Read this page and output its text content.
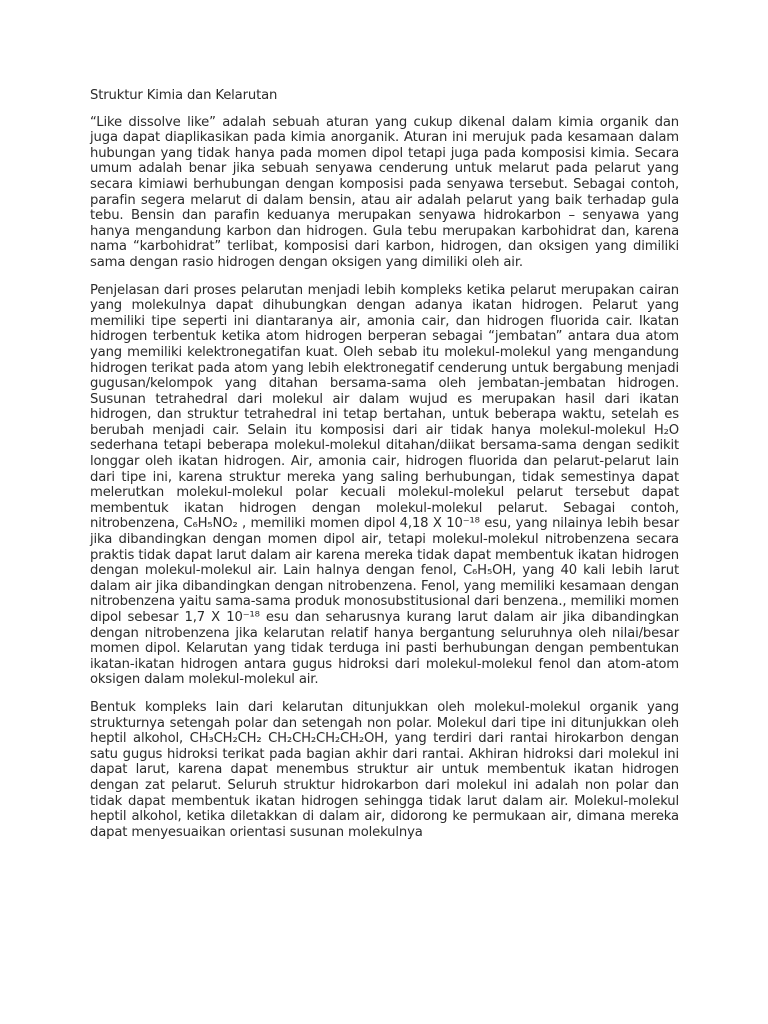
Struktur Kimia dan Kelarutan

“Like dissolve like” adalah sebuah aturan yang cukup dikenal dalam kimia organik dan juga dapat diaplikasikan pada kimia anorganik. Aturan ini merujuk pada kesamaan dalam hubungan yang tidak hanya pada momen dipol tetapi juga pada komposisi kimia. Secara umum adalah benar jika sebuah senyawa cenderung untuk melarut pada pelarut yang secara kimiawi berhubungan dengan komposisi pada senyawa tersebut. Sebagai contoh, parafin segera melarut di dalam bensin, atau air adalah pelarut yang baik terhadap gula tebu. Bensin dan parafin keduanya merupakan senyawa hidrokarbon – senyawa yang hanya mengandung karbon dan hidrogen. Gula tebu merupakan karbohidrat dan, karena nama “karbohidrat” terlibat, komposisi dari karbon, hidrogen, dan oksigen yang dimiliki sama dengan rasio hidrogen dengan oksigen yang dimiliki oleh air.

Penjelasan dari proses pelarutan menjadi lebih kompleks ketika pelarut merupakan cairan yang molekulnya dapat dihubungkan dengan adanya ikatan hidrogen. Pelarut yang memiliki tipe seperti ini diantaranya air, amonia cair, dan hidrogen fluorida cair. Ikatan hidrogen terbentuk ketika atom hidrogen berperan sebagai “jembatan” antara dua atom yang memiliki kelektronegatifan kuat. Oleh sebab itu molekul-molekul yang mengandung hidrogen terikat pada atom yang lebih elektronegatif cenderung untuk bergabung menjadi gugusan/kelompok yang ditahan bersama-sama oleh jembatan-jembatan hidrogen. Susunan tetrahedral dari molekul air dalam wujud es merupakan hasil dari ikatan hidrogen, dan struktur tetrahedral ini tetap bertahan, untuk beberapa waktu, setelah es berubah menjadi cair. Selain itu komposisi dari air tidak hanya molekul-molekul H₂O sederhana tetapi beberapa molekul-molekul ditahan/diikat bersama-sama dengan sedikit longgar oleh ikatan hidrogen. Air, amonia cair, hidrogen fluorida dan pelarut-pelarut lain dari tipe ini, karena struktur mereka yang saling berhubungan, tidak semestinya dapat melerutkan molekul-molekul polar kecuali molekul-molekul pelarut tersebut dapat membentuk ikatan hidrogen dengan molekul-molekul pelarut. Sebagai contoh, nitrobenzena, C₆H₅NO₂ , memiliki momen dipol 4,18 X 10⁻¹⁸ esu, yang nilainya lebih besar jika dibandingkan dengan momen dipol air, tetapi molekul-molekul nitrobenzena secara praktis tidak dapat larut dalam air karena mereka tidak dapat membentuk ikatan hidrogen dengan molekul-molekul air. Lain halnya dengan fenol, C₆H₅OH, yang 40 kali lebih larut dalam air jika dibandingkan dengan nitrobenzena. Fenol, yang memiliki kesamaan dengan nitrobenzena yaitu sama-sama produk monosubstitusional dari benzena., memiliki momen dipol sebesar 1,7 X 10⁻¹⁸ esu dan seharusnya kurang larut dalam air jika dibandingkan dengan nitrobenzena jika kelarutan relatif hanya bergantung seluruhnya oleh nilai/besar momen dipol. Kelarutan yang tidak terduga ini pasti berhubungan dengan pembentukan ikatan-ikatan hidrogen antara gugus hidroksi dari molekul-molekul fenol dan atom-atom oksigen dalam molekul-molekul air.

Bentuk kompleks lain dari kelarutan ditunjukkan oleh molekul-molekul organik yang strukturnya setengah polar dan setengah non polar. Molekul dari tipe ini ditunjukkan oleh heptil alkohol, CH₃CH₂CH₂ CH₂CH₂CH₂CH₂OH, yang terdiri dari rantai hirokarbon dengan satu gugus hidroksi terikat pada bagian akhir dari rantai. Akhiran hidroksi dari molekul ini dapat larut, karena dapat menembus struktur air untuk membentuk ikatan hidrogen dengan zat pelarut. Seluruh struktur hidrokarbon dari molekul ini adalah non polar dan tidak dapat membentuk ikatan hidrogen sehingga tidak larut dalam air. Molekul-molekul heptil alkohol, ketika diletakkan di dalam air, didorong ke permukaan air, dimana mereka dapat menyesuaikan orientasi susunan molekulnya
